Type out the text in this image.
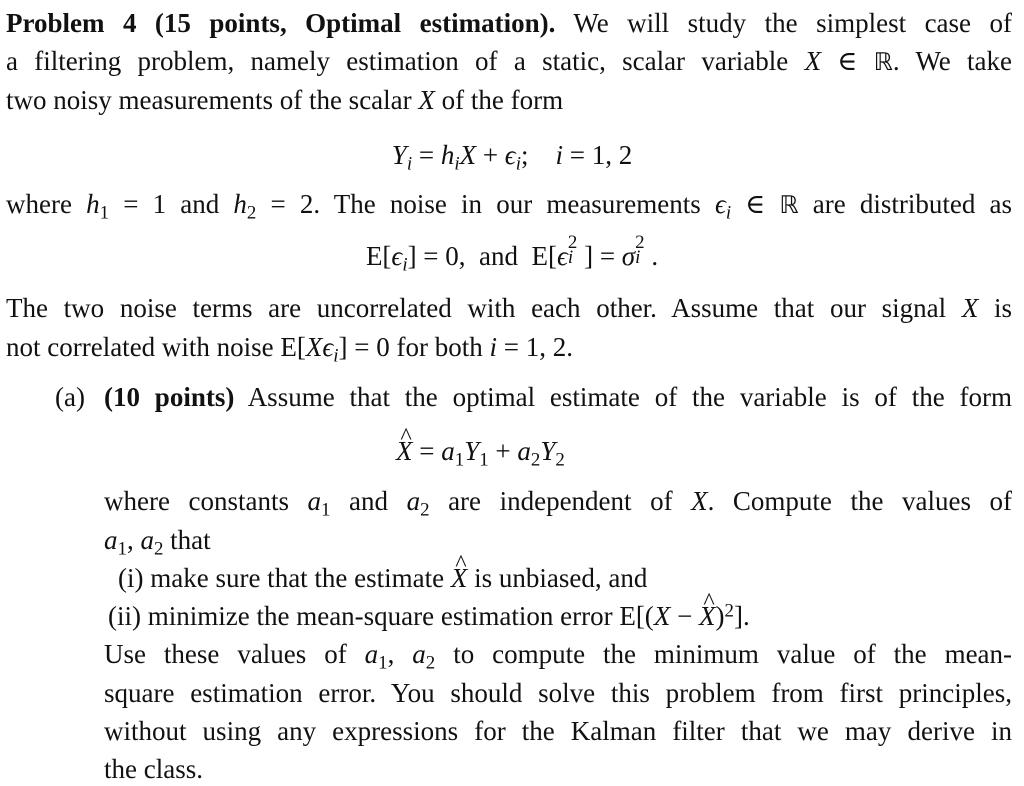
Problem 4 (15 points, Optimal estimation). We will study the simplest case of
a filtering problem, namely estimation of a static, scalar variable X ∈ ℝ. We take
two noisy measurements of the scalar X of the form
$Y_i = h_iX + \epsilon_i$;    i = 1, 2
where $h_1 = 1$ and $h_2 = 2$. The noise in our measurements $\epsilon_i$ ∈ ℝ are distributed as
$E[\epsilon_i] = 0$,  and  E[ϵ 2
i ] = σ 2
i .
The two noise terms are uncorrelated with each other. Assume that our signal X is
not correlated with noise $E[X\epsilon_i] = 0$ for both i = 1, 2.
(a) (10 points) Assume that the optimal estimate of the variable is of the form
^ $X = a_1Y_1 + a_2Y_2$
where constants $a_1$ and $a_2$ are independent of X. Compute the values of
$a_1$, $a_2$ that
(i) make sure that the estimate ^ X is unbiased, and
(ii) minimize the mean-square estimation error E[(X − ^ X)$^2$].
Use these values of $a_1$, $a_2$ to compute the minimum value of the mean-
square estimation error. You should solve this problem from first principles,
without using any expressions for the Kalman filter that we may derive in
the class.
